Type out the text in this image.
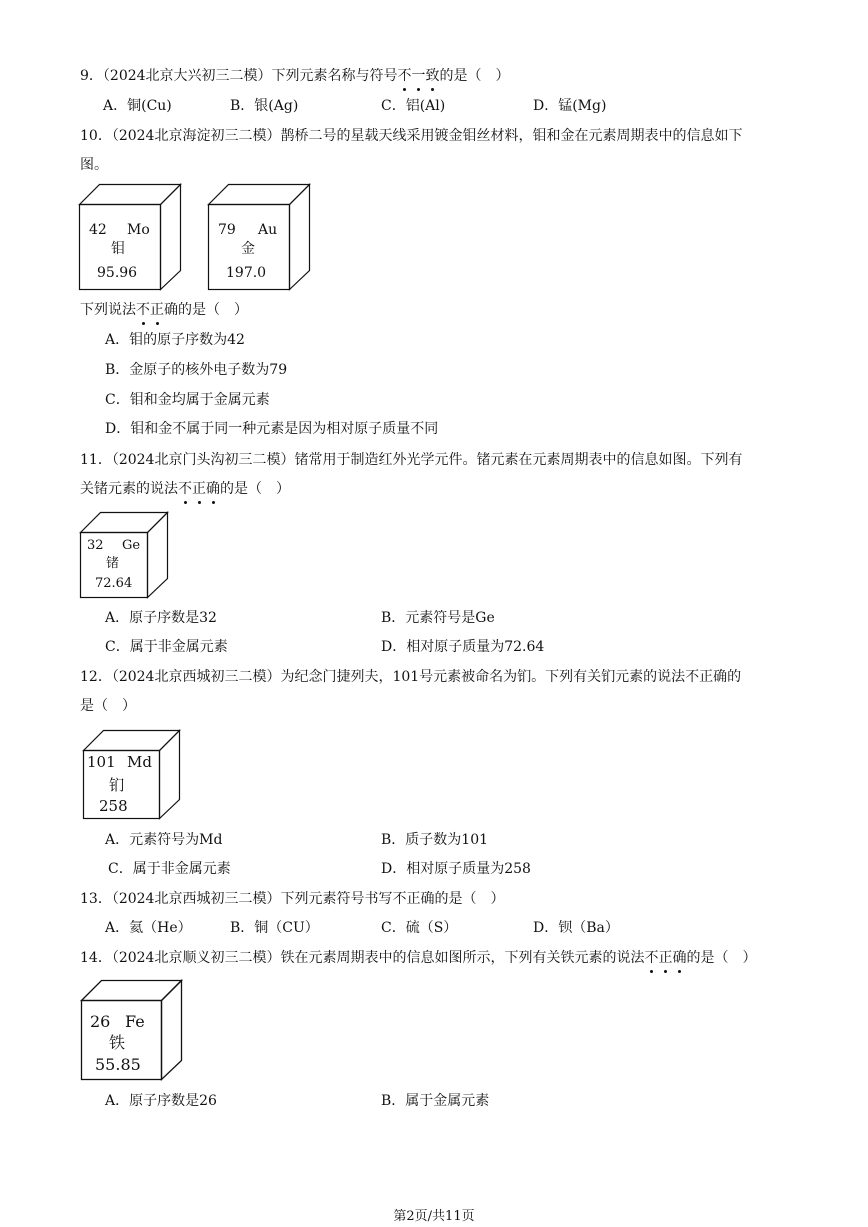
9．（2024北京大兴初三二模）下列元素名称与符号不一致的是（　）
A．铜(Cu)	B．银(Ag)	C．铝(Al)	D．锰(Mg)
10．（2024北京海淀初三二模）鹊桥二号的星载天线采用镀金钼丝材料，钼和金在元素周期表中的信息如下
图。
42 Mo
钼
95.96
79 Au
金
197.0
下列说法不正确的是（　）
A．钼的原子序数为42
B．金原子的核外电子数为79
C．钼和金均属于金属元素
D．钼和金不属于同一种元素是因为相对原子质量不同
11．（2024北京门头沟初三二模）锗常用于制造红外光学元件。锗元素在元素周期表中的信息如图。下列有
关锗元素的说法不正确的是（　）
32 Ge
锗
72.64
A．原子序数是32	B．元素符号是Ge
C．属于非金属元素	D．相对原子质量为72.64
12．（2024北京西城初三二模）为纪念门捷列夫，101号元素被命名为钔。下列有关钔元素的说法不正确的
是（　）
101 Md
钔
258
A．元素符号为Md	B．质子数为101
C．属于非金属元素	D．相对原子质量为258
13．（2024北京西城初三二模）下列元素符号书写不正确的是（　）
A．氦（He）	B．铜（CU）	C．硫（S）	D．钡（Ba）
14．（2024北京顺义初三二模）铁在元素周期表中的信息如图所示，下列有关铁元素的说法不正确的是（　）
26 Fe
铁
55.85
A．原子序数是26	B．属于金属元素
第2页/共11页
